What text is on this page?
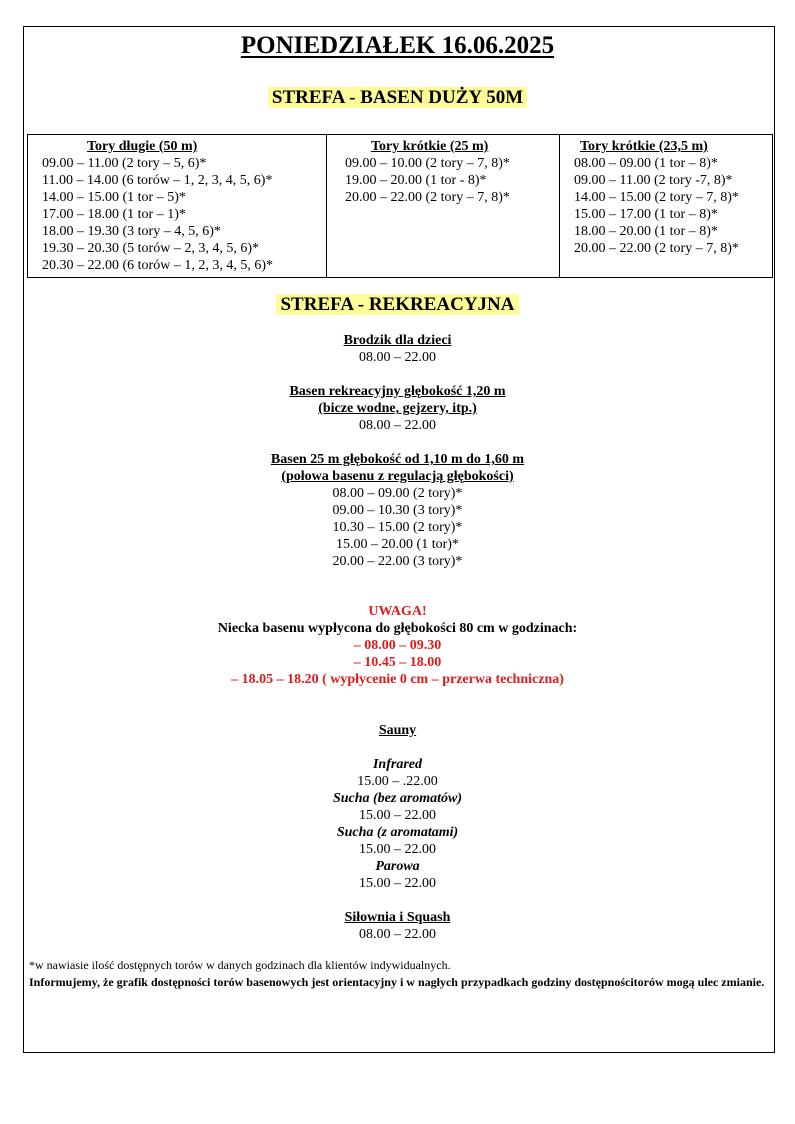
PONIEDZIAŁEK 16.06.2025
STREFA - BASEN DUŻY 50M
Tory długie (50 m)
09.00 – 11.00 (2 tory – 5, 6)*
11.00 – 14.00 (6 torów – 1, 2, 3, 4, 5, 6)*
14.00 – 15.00 (1 tor – 5)*
17.00 – 18.00 (1 tor – 1)*
18.00 – 19.30 (3 tory – 4, 5, 6)*
19.30 – 20.30 (5 torów – 2, 3, 4, 5, 6)*
20.30 – 22.00 (6 torów – 1, 2, 3, 4, 5, 6)*
Tory krótkie (25 m)
09.00 – 10.00 (2 tory – 7, 8)*
19.00 – 20.00 (1 tor - 8)*
20.00 – 22.00 (2 tory – 7, 8)*
Tory krótkie (23,5 m)
08.00 – 09.00 (1 tor – 8)*
09.00 – 11.00 (2 tory -7, 8)*
14.00 – 15.00 (2 tory – 7, 8)*
15.00 – 17.00 (1 tor – 8)*
18.00 – 20.00 (1 tor – 8)*
20.00 – 22.00 (2 tory – 7, 8)*
STREFA - REKREACYJNA
Brodzik dla dzieci
08.00 – 22.00
Basen rekreacyjny głębokość 1,20 m
(bicze wodne, gejzery, itp.)
08.00 – 22.00
Basen 25 m głębokość od 1,10 m do 1,60 m
(połowa basenu z regulacją głębokości)
08.00 – 09.00 (2 tory)*
09.00 – 10.30 (3 tory)*
10.30 – 15.00 (2 tory)*
15.00 – 20.00 (1 tor)*
20.00 – 22.00 (3 tory)*
UWAGA!
Niecka basenu wypłycona do głębokości 80 cm w godzinach:
– 08.00 – 09.30
– 10.45 – 18.00
– 18.05 – 18.20 ( wypłycenie 0 cm – przerwa techniczna)
Sauny
Infrared
15.00 – .22.00
Sucha (bez aromatów)
15.00 – 22.00
Sucha (z aromatami)
15.00 – 22.00
Parowa
15.00 – 22.00
Siłownia i Squash
08.00 – 22.00
*w nawiasie ilość dostępnych torów w danych godzinach dla klientów indywidualnych.
Informujemy, że grafik dostępności torów basenowych jest orientacyjny i w nagłych przypadkach godziny dostępnościtorów mogą ulec zmianie.
